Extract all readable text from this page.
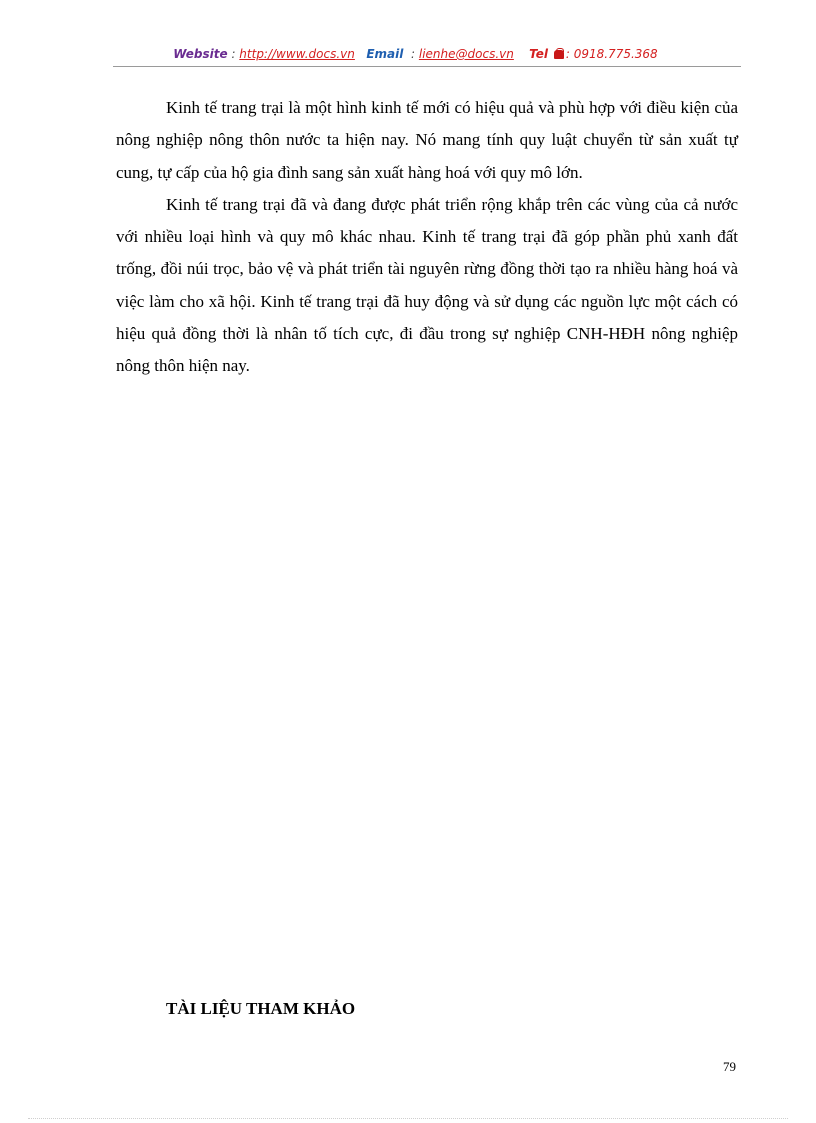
Website : http://www.docs.vn Email  : lienhe@docs.vn Tel : 0918.775.368

Kinh tế trang trại là một hình kinh tế mới có hiệu quả và phù hợp với điều kiện của nông nghiệp nông thôn nước ta hiện nay. Nó mang tính quy luật chuyển từ sản xuất tự cung, tự cấp của hộ gia đình sang sản xuất hàng hoá với quy mô lớn.

Kinh tế trang trại đã và đang được phát triển rộng khắp trên các vùng của cả nước với nhiều loại hình và quy mô khác nhau. Kinh tế trang trại đã góp phần phủ xanh đất trống, đồi núi trọc, bảo vệ và phát triển tài nguyên rừng đồng thời tạo ra nhiều hàng hoá và việc làm cho xã hội. Kinh tế trang trại đã huy động và sử dụng các nguồn lực một cách có hiệu quả đồng thời là nhân tố tích cực, đi đầu trong sự nghiệp CNH-HĐH nông nghiệp nông thôn hiện nay.

TÀI LIỆU THAM KHẢO
79
